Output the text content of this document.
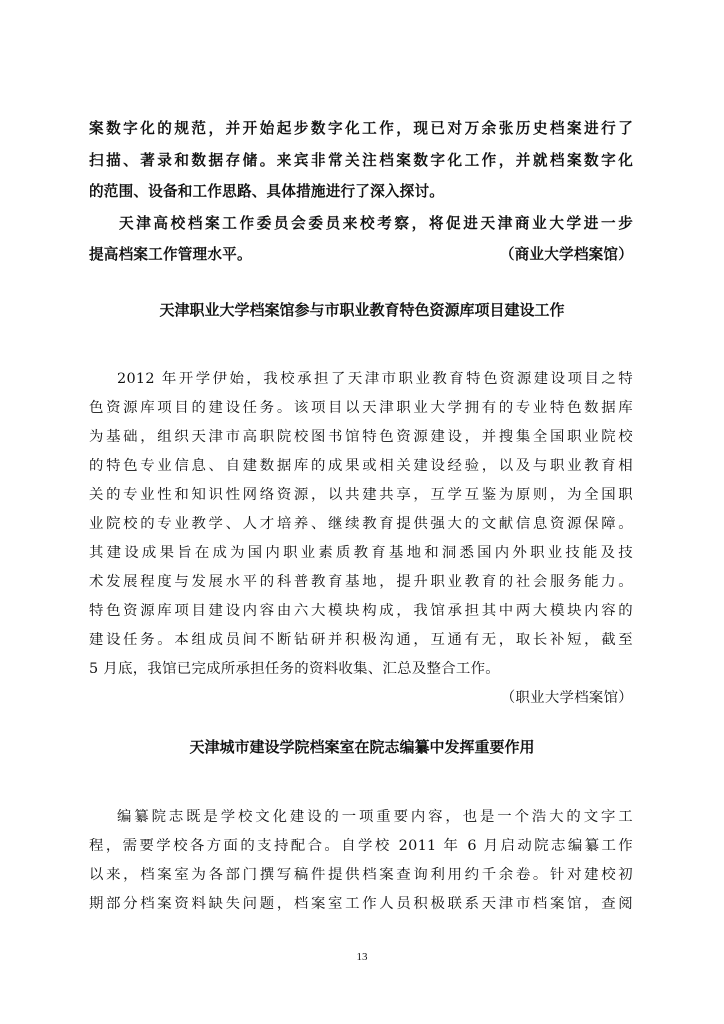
案数字化的规范，并开始起步数字化工作，现已对万余张历史档案进行了
扫描、著录和数据存储。来宾非常关注档案数字化工作，并就档案数字化
的范围、设备和工作思路、具体措施进行了深入探讨。
天津高校档案工作委员会委员来校考察，将促进天津商业大学进一步
提高档案工作管理水平。	（商业大学档案馆）
天津职业大学档案馆参与市职业教育特色资源库项目建设工作
2012 年开学伊始，我校承担了天津市职业教育特色资源建设项目之特
色资源库项目的建设任务。该项目以天津职业大学拥有的专业特色数据库
为基础，组织天津市高职院校图书馆特色资源建设，并搜集全国职业院校
的特色专业信息、自建数据库的成果或相关建设经验，以及与职业教育相
关的专业性和知识性网络资源，以共建共享，互学互鉴为原则，为全国职
业院校的专业教学、人才培养、继续教育提供强大的文献信息资源保障。
其建设成果旨在成为国内职业素质教育基地和洞悉国内外职业技能及技
术发展程度与发展水平的科普教育基地，提升职业教育的社会服务能力。
特色资源库项目建设内容由六大模块构成，我馆承担其中两大模块内容的
建设任务。本组成员间不断钻研并积极沟通，互通有无，取长补短，截至
5 月底，我馆已完成所承担任务的资料收集、汇总及整合工作。
（职业大学档案馆）
天津城市建设学院档案室在院志编纂中发挥重要作用
编纂院志既是学校文化建设的一项重要内容，也是一个浩大的文字工
程，需要学校各方面的支持配合。自学校 2011 年 6 月启动院志编纂工作
以来，档案室为各部门撰写稿件提供档案查询利用约千余卷。针对建校初
期部分档案资料缺失问题，档案室工作人员积极联系天津市档案馆，查阅
13
